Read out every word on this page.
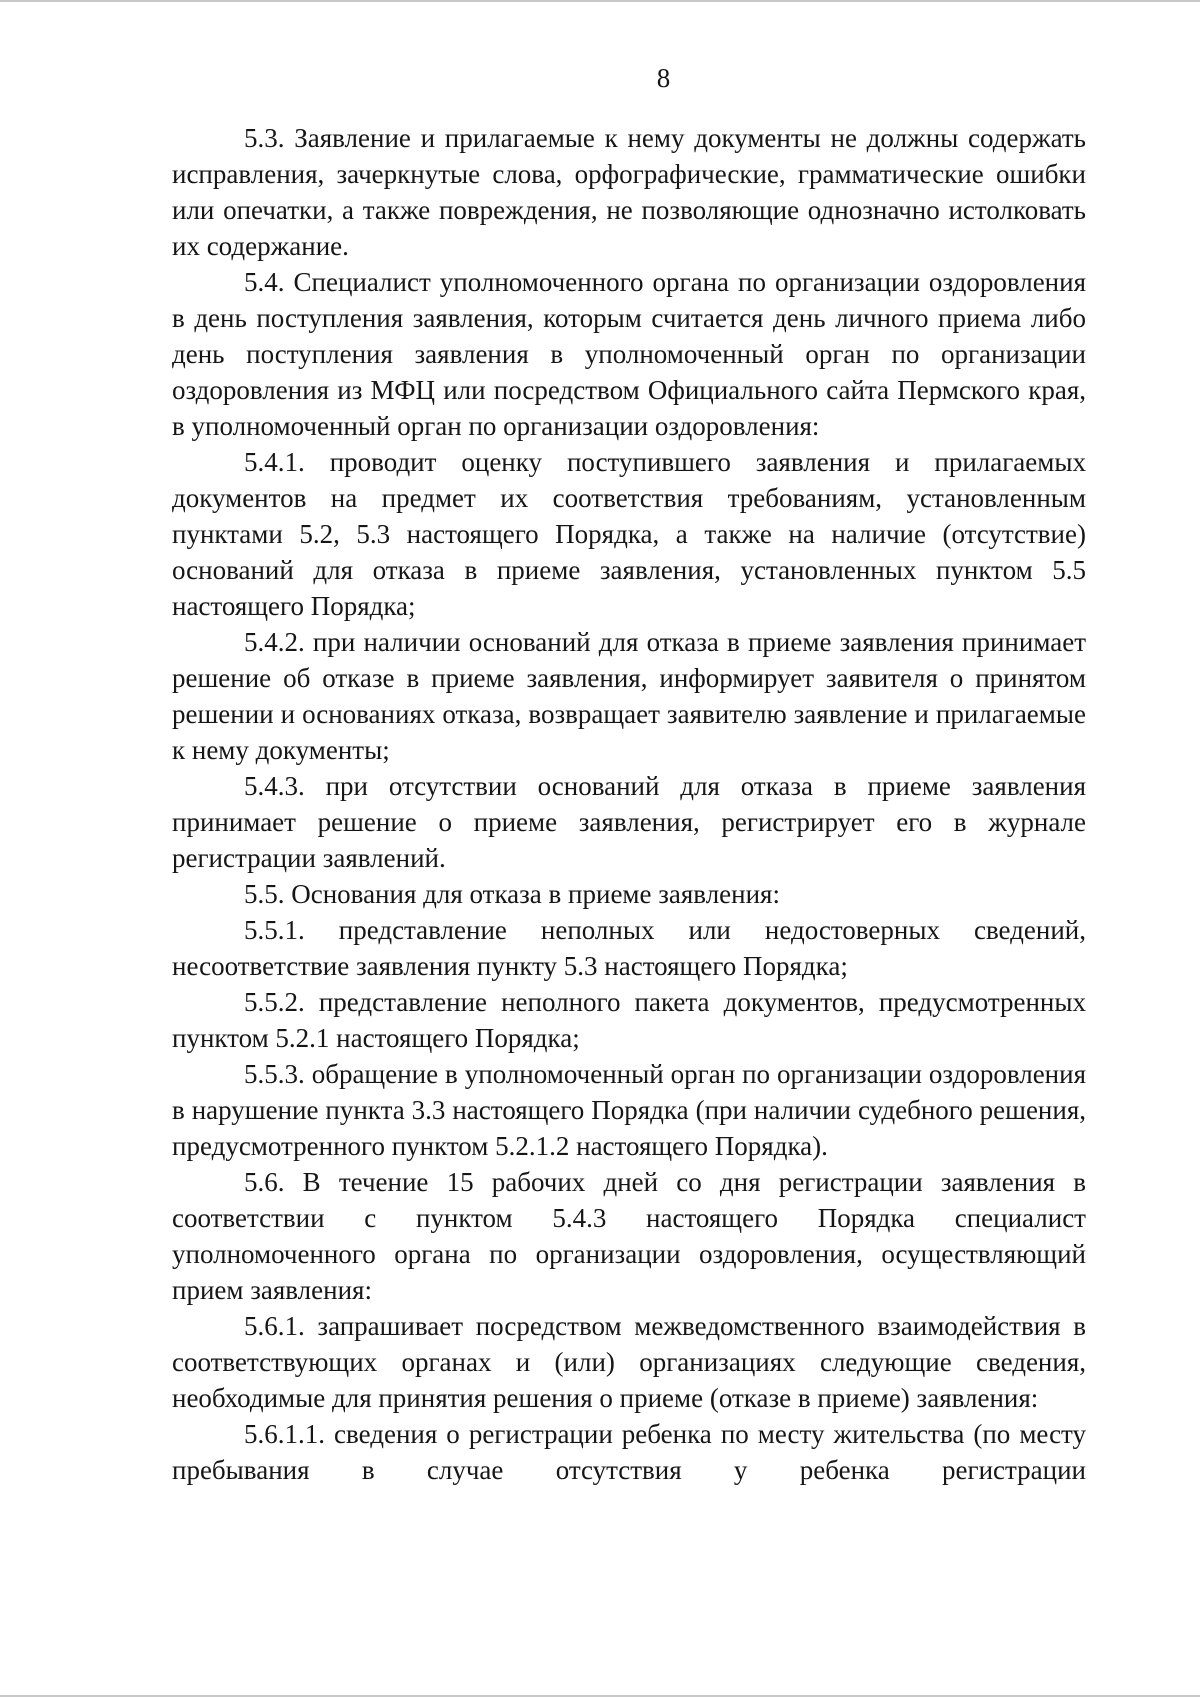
8

5.3. Заявление и прилагаемые к нему документы не должны содержать исправления, зачеркнутые слова, орфографические, грамматические ошибки или опечатки, а также повреждения, не позволяющие однозначно истолковать их содержание.

5.4. Специалист уполномоченного органа по организации оздоровления в день поступления заявления, которым считается день личного приема либо день поступления заявления в уполномоченный орган по организации оздоровления из МФЦ или посредством Официального сайта Пермского края, в уполномоченный орган по организации оздоровления:

5.4.1. проводит оценку поступившего заявления и прилагаемых документов на предмет их соответствия требованиям, установленным пунктами 5.2, 5.3 настоящего Порядка, а также на наличие (отсутствие) оснований для отказа в приеме заявления, установленных пунктом 5.5 настоящего Порядка;

5.4.2. при наличии оснований для отказа в приеме заявления принимает решение об отказе в приеме заявления, информирует заявителя о принятом решении и основаниях отказа, возвращает заявителю заявление и прилагаемые к нему документы;

5.4.3. при отсутствии оснований для отказа в приеме заявления принимает решение о приеме заявления, регистрирует его в журнале регистрации заявлений.

5.5. Основания для отказа в приеме заявления:

5.5.1. представление неполных или недостоверных сведений, несоответствие заявления пункту 5.3 настоящего Порядка;

5.5.2. представление неполного пакета документов, предусмотренных пунктом 5.2.1 настоящего Порядка;

5.5.3. обращение в уполномоченный орган по организации оздоровления в нарушение пункта 3.3 настоящего Порядка (при наличии судебного решения, предусмотренного пунктом 5.2.1.2 настоящего Порядка).

5.6. В течение 15 рабочих дней со дня регистрации заявления в соответствии с пунктом 5.4.3 настоящего Порядка специалист уполномоченного органа по организации оздоровления, осуществляющий прием заявления:

5.6.1. запрашивает посредством межведомственного взаимодействия в соответствующих органах и (или) организациях следующие сведения, необходимые для принятия решения о приеме (отказе в приеме) заявления:

5.6.1.1. сведения о регистрации ребенка по месту жительства (по месту пребывания в случае отсутствия у ребенка регистрации
